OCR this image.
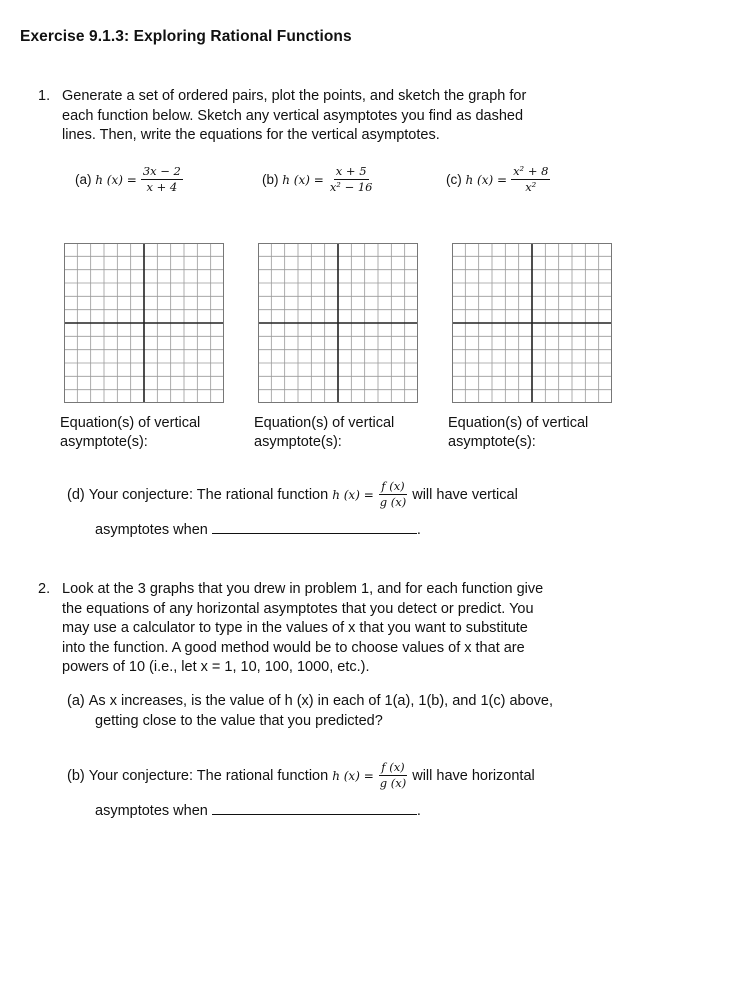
Exercise 9.1.3: Exploring Rational Functions
1. Generate a set of ordered pairs, plot the points, and sketch the graph for
each function below. Sketch any vertical asymptotes you find as dashed
lines. Then, write the equations for the vertical asymptotes.
(a)
h $(x) = \frac{3x - 2}{x + 4}$	(b)
h $(x) = \frac{x + 5}{\text{x² − 16}}$	(c)
h $(x) = \frac{\text{x² + 8}}{\text{x²}}$
Equation(s) of vertical
asymptote(s):
Equation(s) of vertical
asymptote(s):
Equation(s) of vertical
asymptote(s):
(d)
Your conjecture: The rational function
h $(x) = \frac{f (x)}{g (x)}$ will have vertical
asymptotes when	.
2. Look at the 3 graphs that you drew in problem 1, and for each function give
the equations of any horizontal asymptotes that you detect or predict. You
may use a calculator to type in the values of x that you want to substitute
into the function. A good method would be to choose values of x that are
powers of 10 (i.e., let x = 1, 10, 100, 1000, etc.).
(a) As x increases, is the value of h (x) in each of 1(a), 1(b), and 1(c) above,
getting close to the value that you predicted?
(b)
Your conjecture: The rational function
h $(x) = \frac{f (x)}{g (x)}$ will have horizontal
asymptotes when	.
